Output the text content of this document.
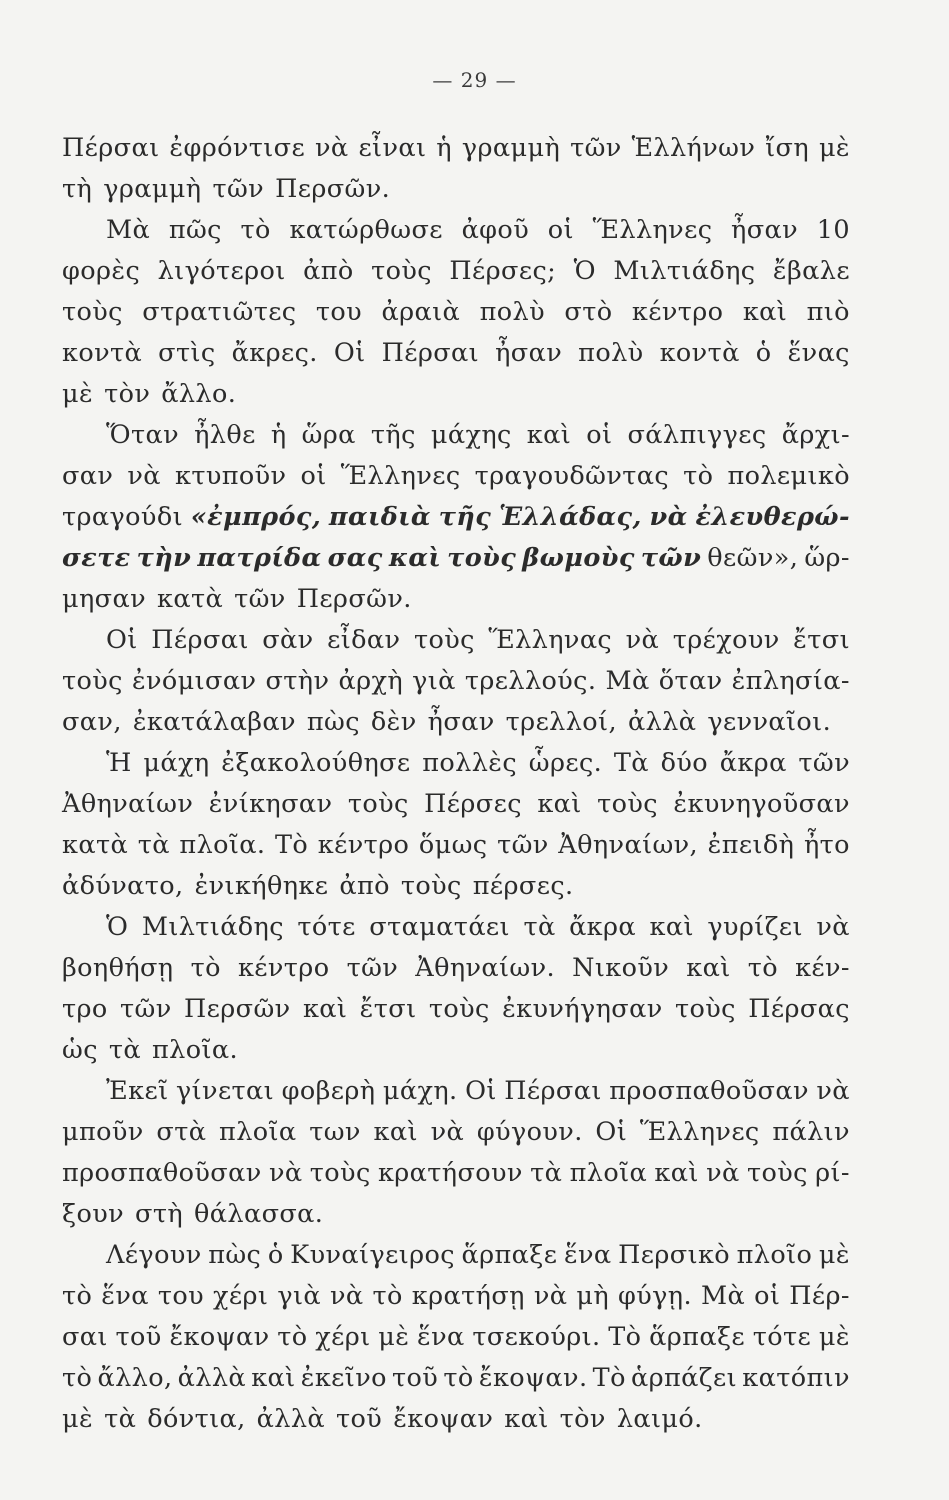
— 29 —
Πέρσαι ἐφρόντισε νὰ εἶναι ἡ γραμμὴ τῶν Ἑλλήνων ἴση μὲ
τὴ γραμμὴ τῶν Περσῶν.
Μὰ πῶς τὸ κατώρθωσε ἀφοῦ οἱ Ἕλληνες ἦσαν 10
φορὲς λιγότεροι ἀπὸ τοὺς Πέρσες; Ὁ Μιλτιάδης ἔβαλε
τοὺς στρατιῶτες του ἀραιὰ πολὺ στὸ κέντρο καὶ πιὸ
κοντὰ στὶς ἄκρες. Οἱ Πέρσαι ἦσαν πολὺ κοντὰ ὁ ἕνας
μὲ τὸν ἄλλο.
Ὅταν ἦλθε ἡ ὥρα τῆς μάχης καὶ οἱ σάλπιγγες ἄρχι-
σαν νὰ κτυποῦν οἱ Ἕλληνες τραγουδῶντας τὸ πολεμικὸ
τραγούδι «ἐμπρός, παιδιὰ τῆς Ἑλλάδας, νὰ ἐλευθερώ-
σετε τὴν πατρίδα σας καὶ τοὺς βωμοὺς τῶν θεῶν», ὥρ-
μησαν κατὰ τῶν Περσῶν.
Οἱ Πέρσαι σὰν εἶδαν τοὺς Ἕλληνας νὰ τρέχουν ἔτσι
τοὺς ἐνόμισαν στὴν ἀρχὴ γιὰ τρελλούς. Μὰ ὅταν ἐπλησία-
σαν, ἐκατάλαβαν πὼς δὲν ἦσαν τρελλοί, ἀλλὰ γενναῖοι.
Ἡ μάχη ἐξακολούθησε πολλὲς ὧρες. Τὰ δύο ἄκρα τῶν
Ἀθηναίων ἐνίκησαν τοὺς Πέρσες καὶ τοὺς ἐκυνηγοῦσαν
κατὰ τὰ πλοῖα. Τὸ κέντρο ὅμως τῶν Ἀθηναίων, ἐπειδὴ ἦτο
ἀδύνατο, ἐνικήθηκε ἀπὸ τοὺς πέρσες.
Ὁ Μιλτιάδης τότε σταματάει τὰ ἄκρα καὶ γυρίζει νὰ
βοηθήσῃ τὸ κέντρο τῶν Ἀθηναίων. Νικοῦν καὶ τὸ κέν-
τρο τῶν Περσῶν καὶ ἔτσι τοὺς ἐκυνήγησαν τοὺς Πέρσας
ὡς τὰ πλοῖα.
Ἐκεῖ γίνεται φοβερὴ μάχη. Οἱ Πέρσαι προσπαθοῦσαν νὰ
μποῦν στὰ πλοῖα των καὶ νὰ φύγουν. Οἱ Ἕλληνες πάλιν
προσπαθοῦσαν νὰ τοὺς κρατήσουν τὰ πλοῖα καὶ νὰ τοὺς ρί-
ξουν στὴ θάλασσα.
Λέγουν πὼς ὁ Κυναίγειρος ἅρπαξε ἕνα Περσικὸ πλοῖο μὲ
τὸ ἕνα του χέρι γιὰ νὰ τὸ κρατήσῃ νὰ μὴ φύγῃ. Μὰ οἱ Πέρ-
σαι τοῦ ἔκοψαν τὸ χέρι μὲ ἕνα τσεκούρι. Τὸ ἅρπαξε τότε μὲ
τὸ ἄλλο, ἀλλὰ καὶ ἐκεῖνο τοῦ τὸ ἔκοψαν. Τὸ ἁρπάζει κατόπιν
μὲ τὰ δόντια, ἀλλὰ τοῦ ἔκοψαν καὶ τὸν λαιμό.
